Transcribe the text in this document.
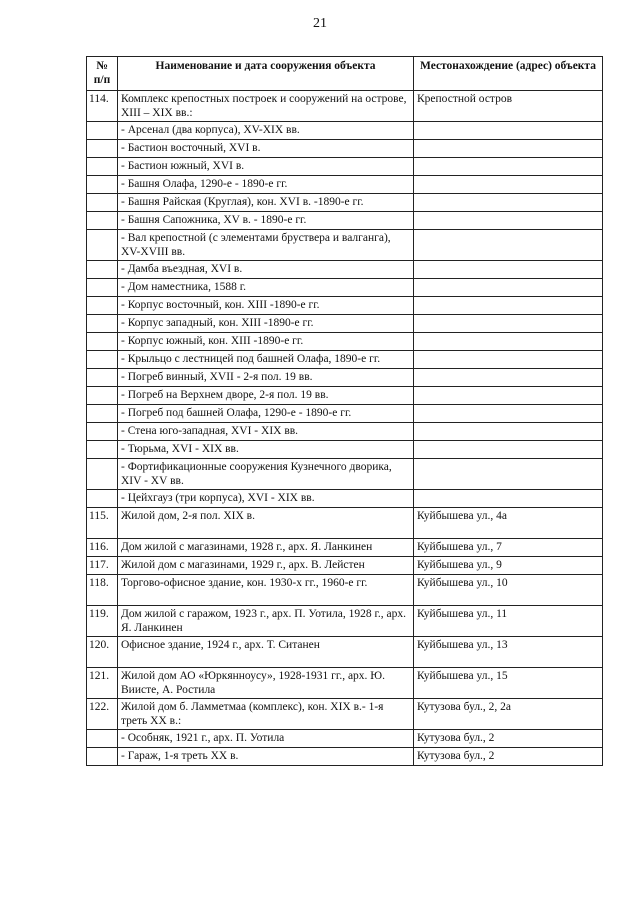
21
№ п/п	Наименование и дата сооружения объекта	Местонахождение (адрес) объекта
114.	Комплекс крепостных построек и сооружений на острове, XIII – XIX вв.:	Крепостной остров
	- Арсенал (два корпуса), XV-XIX вв.	
	- Бастион восточный, XVI в.	
	- Бастион южный, XVI в.	
	- Башня Олафа, 1290-е - 1890-е гг.	
	- Башня Райская (Круглая), кон. XVI в. -1890-е гг.	
	- Башня Сапожника, XV в. - 1890-е гг.	
	- Вал крепостной (с элементами бруствера и валганга), XV-XVIII вв.	
	- Дамба въездная, XVI в.	
	- Дом наместника, 1588 г.	
	- Корпус восточный, кон. XIII -1890-е гг.	
	- Корпус западный, кон. XIII -1890-е гг.	
	- Корпус южный, кон. XIII -1890-е гг.	
	- Крыльцо с лестницей под башней Олафа, 1890-е гг.	
	- Погреб винный, XVII - 2-я пол. 19 вв.	
	- Погреб на Верхнем дворе, 2-я пол. 19 вв.	
	- Погреб под башней Олафа, 1290-е - 1890-е гг.	
	- Стена юго-западная, XVI - XIX вв.	
	- Тюрьма, XVI - XIX вв.	
	- Фортификационные сооружения Кузнечного дворика, XIV - XV вв.	
	- Цейхгауз (три корпуса), XVI - XIX вв.	
115.	Жилой дом, 2-я пол. XIX в.	Куйбышева ул., 4а
116.	Дом жилой с магазинами, 1928 г., арх. Я. Ланкинен	Куйбышева ул., 7
117.	Жилой дом с магазинами, 1929 г., арх. В. Лейстен	Куйбышева ул., 9
118.	Торгово-офисное здание, кон. 1930-х гг., 1960-е гг.	Куйбышева ул., 10
119.	Дом жилой с гаражом, 1923 г., арх. П. Уотила, 1928 г., арх. Я. Ланкинен	Куйбышева ул., 11
120.	Офисное здание, 1924 г., арх. Т. Ситанен	Куйбышева ул., 13
121.	Жилой дом АО «Юркянноусу», 1928-1931 гг., арх. Ю. Виисте, А. Ростила	Куйбышева ул., 15
122.	Жилой дом б. Ламметмаа (комплекс), кон. XIX в.- 1-я треть XX в.:	Кутузова бул., 2, 2а
	- Особняк, 1921 г., арх. П. Уотила	Кутузова бул., 2
	- Гараж, 1-я треть XX в.	Кутузова бул., 2
